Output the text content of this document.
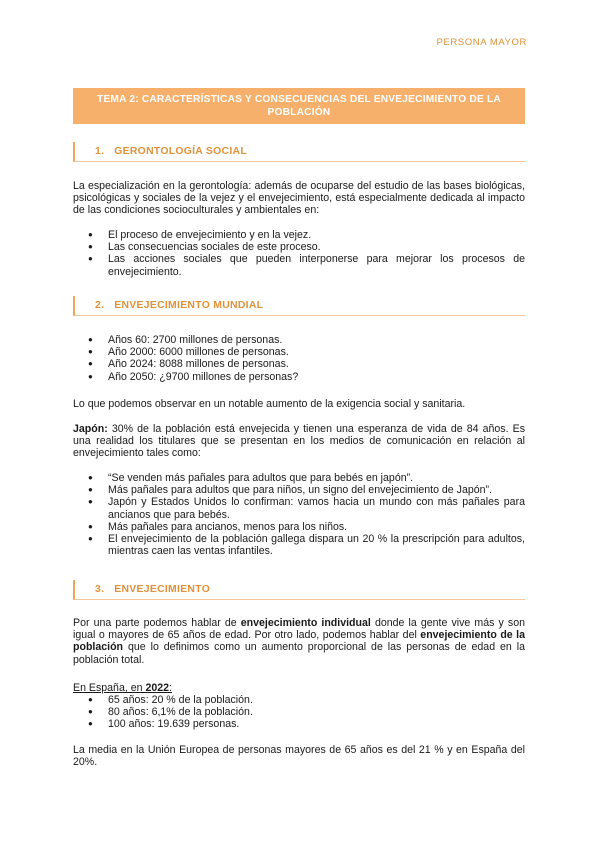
PERSONA MAYOR
TEMA 2: CARACTERÍSTICAS Y CONSECUENCIAS DEL ENVEJECIMIENTO DE LA POBLACIÓN
1. GERONTOLOGÍA SOCIAL

La especialización en la gerontología: además de ocuparse del estudio de las bases biológicas, psicológicas y sociales de la vejez y el envejecimiento, está especialmente dedicada al impacto de las condiciones socioculturales y ambientales en:

● El proceso de envejecimiento y en la vejez.
● Las consecuencias sociales de este proceso.
● Las acciones sociales que pueden interponerse para mejorar los procesos de envejecimiento.
2. ENVEJECIMIENTO MUNDIAL
● Años 60: 2700 millones de personas.
● Año 2000: 6000 millones de personas.
● Año 2024: 8088 millones de personas.
● Año 2050: ¿9700 millones de personas?

Lo que podemos observar en un notable aumento de la exigencia social y sanitaria.

Japón: 30% de la población está envejecida y tienen una esperanza de vida de 84 años. Es una realidad los titulares que se presentan en los medios de comunicación en relación al envejecimiento tales como:

● “Se venden más pañales para adultos que para bebés en japón”.
● Más pañales para adultos que para niños, un signo del envejecimiento de Japón”.
● Japón y Estados Unidos lo confirman: vamos hacia un mundo con más pañales para ancianos que para bebés.
● Más pañales para ancianos, menos para los niños.
● El envejecimiento de la población gallega dispara un 20 % la prescripción para adultos, mientras caen las ventas infantiles.
3. ENVEJECIMIENTO

Por una parte podemos hablar de envejecimiento individual donde la gente vive más y son igual o mayores de 65 años de edad. Por otro lado, podemos hablar del envejecimiento de la población que lo definimos como un aumento proporcional de las personas de edad en la población total.

En España, en 2022:

● 65 años: 20 % de la población.
● 80 años: 6,1% de la población.
● 100 años: 19.639 personas.

La media en la Unión Europea de personas mayores de 65 años es del 21 % y en España del 20%.
